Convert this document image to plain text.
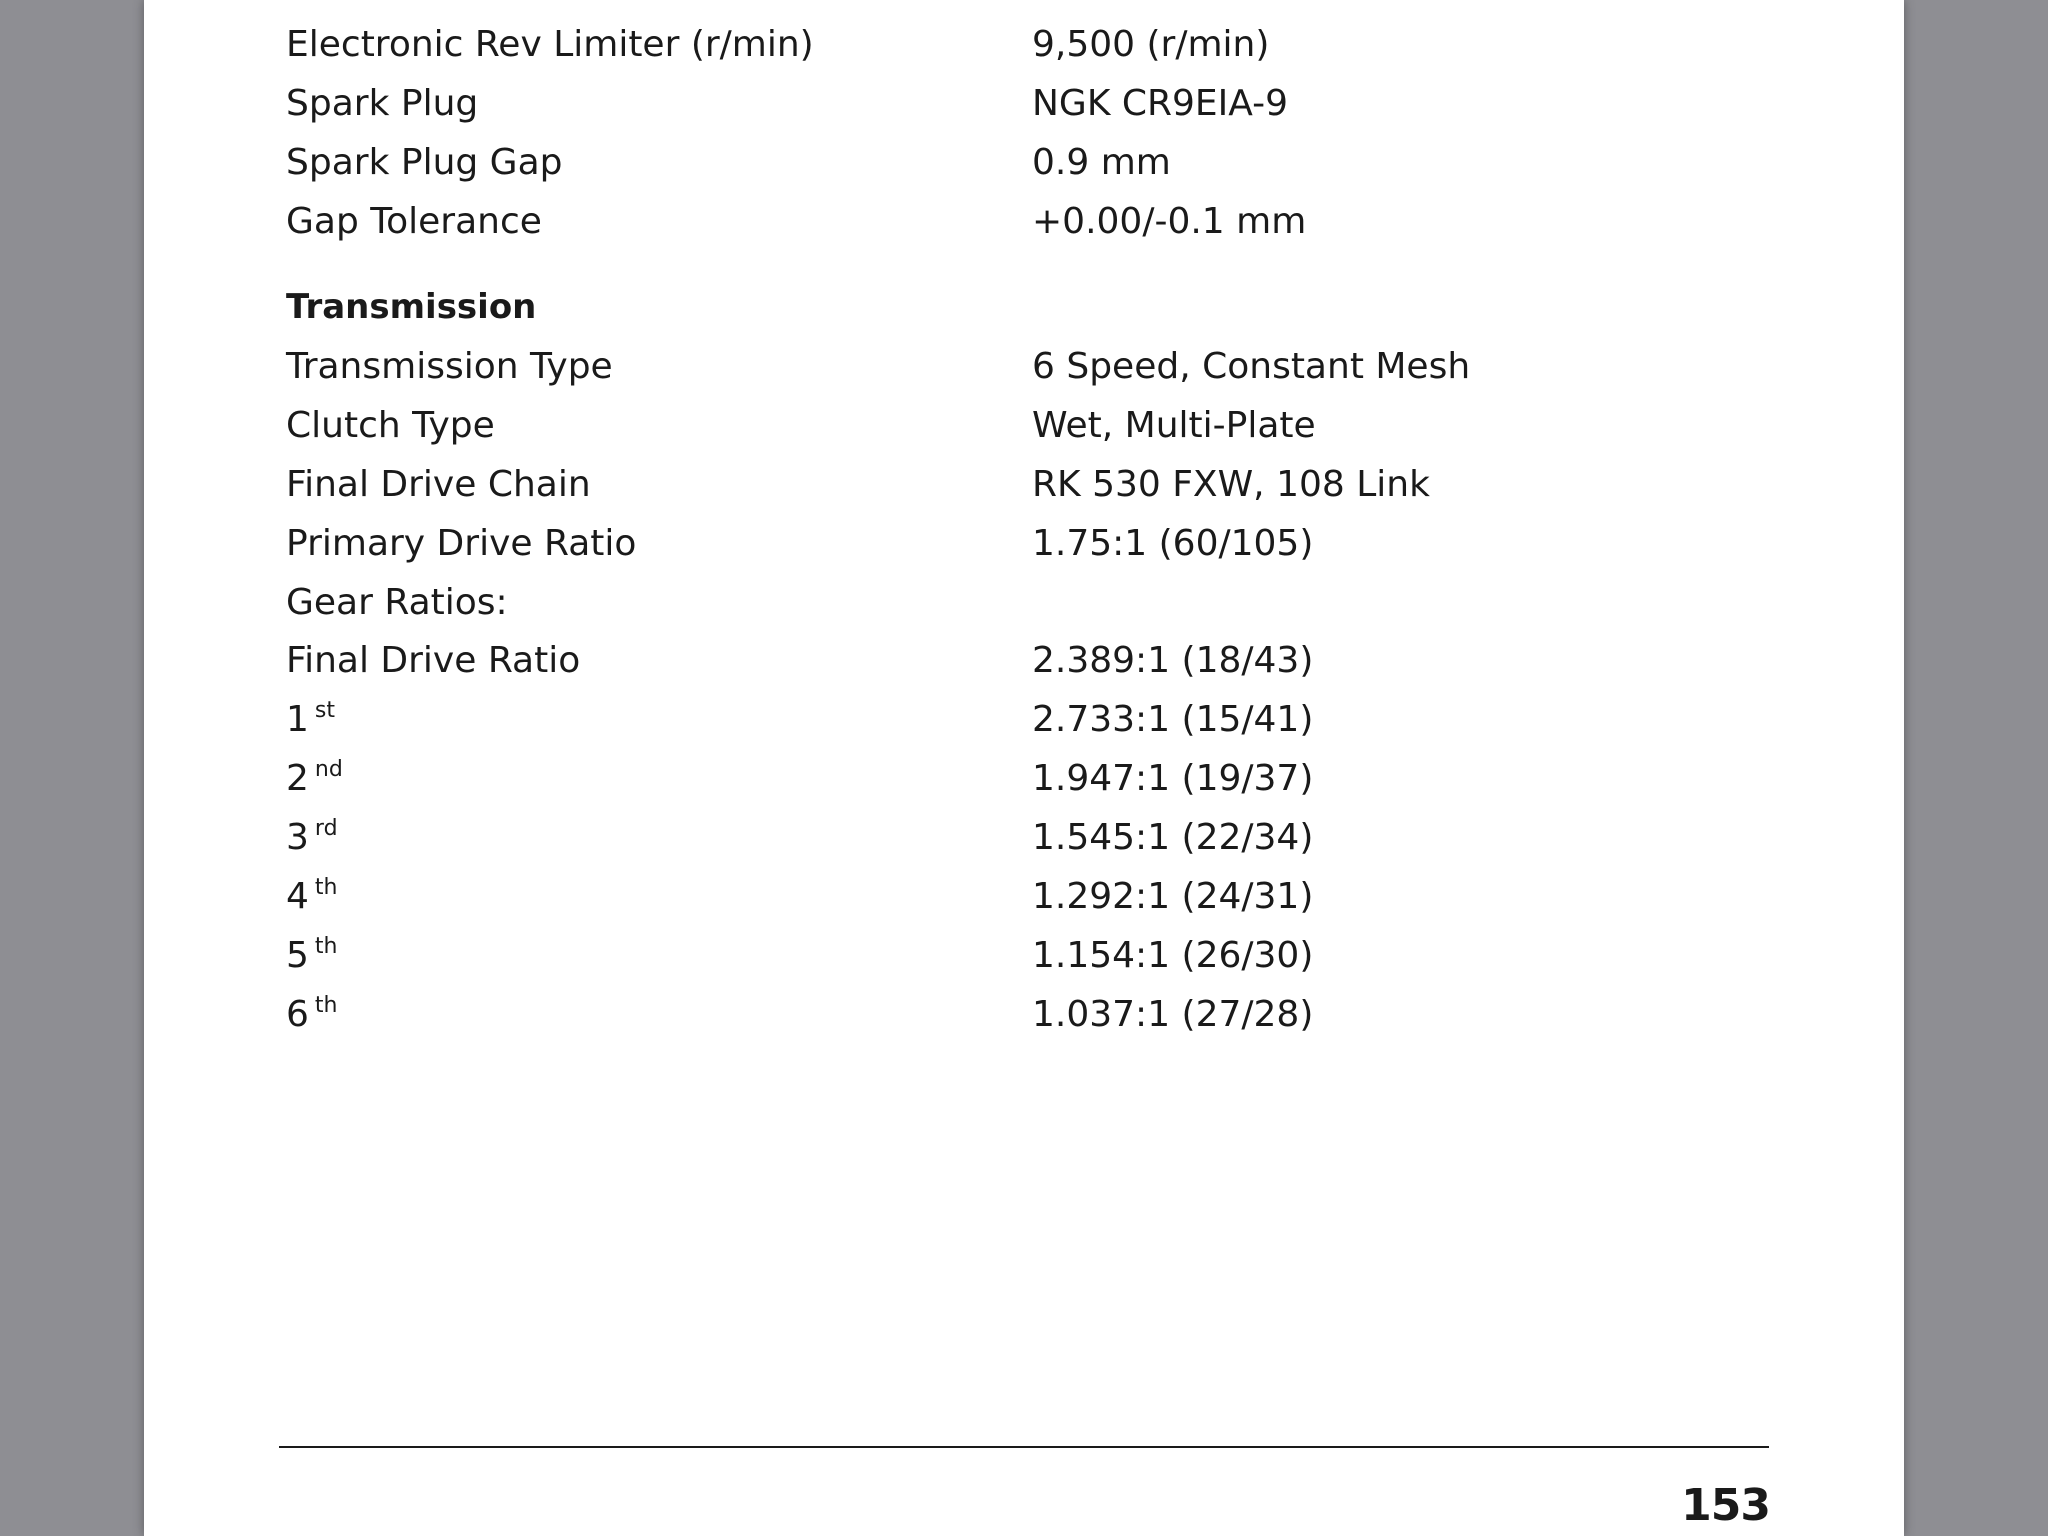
Electronic Rev Limiter (r/min)	9,500 (r/min)
Spark Plug	NGK CR9EIA-9
Spark Plug Gap	0.9 mm
Gap Tolerance	+0.00/-0.1 mm
Transmission
Transmission Type	6 Speed, Constant Mesh
Clutch Type	Wet, Multi-Plate
Final Drive Chain	RK 530 FXW, 108 Link
Primary Drive Ratio	1.75:1 (60/105)
Gear Ratios:
Final Drive Ratio	2.389:1 (18/43)
1 $^{st}$	2.733:1 (15/41)
2 $^{nd}$	1.947:1 (19/37)
3 $^{rd}$	1.545:1 (22/34)
4 $^{th}$	1.292:1 (24/31)
5 $^{th}$	1.154:1 (26/30)
6 $^{th}$	1.037:1 (27/28)
153
